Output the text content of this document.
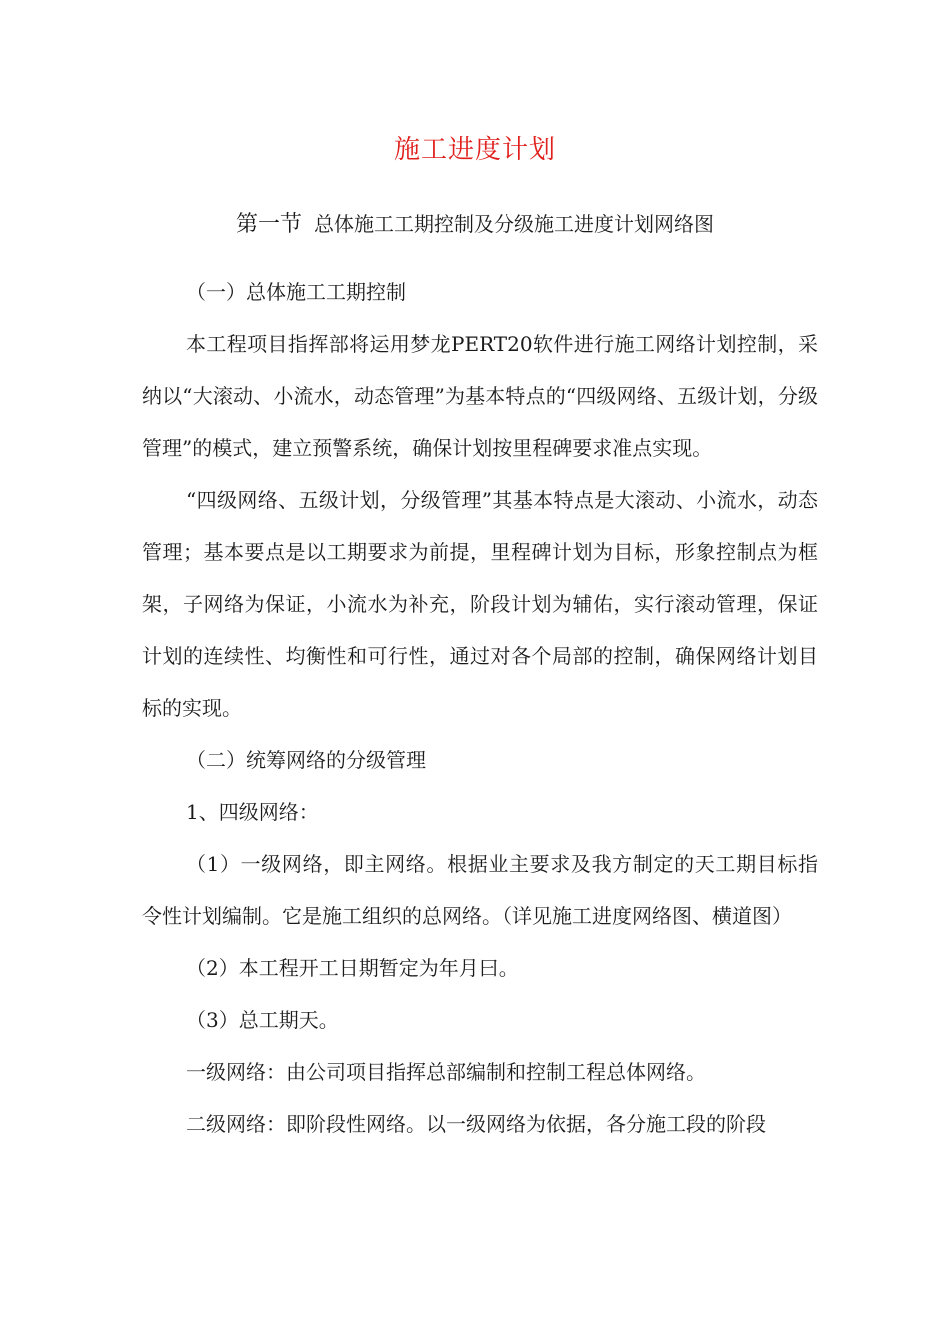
施工进度计划
第一节 总体施工工期控制及分级施工进度计划网络图

（一）总体施工工期控制

本工程项目指挥部将运用梦龙PERT20软件进行施工网络计划控制，采纳以“大滚动、小流水，动态管理”为基本特点的“四级网络、五级计划，分级管理”的模式，建立预警系统，确保计划按里程碑要求准点实现。

“四级网络、五级计划，分级管理”其基本特点是大滚动、小流水，动态管理；基本要点是以工期要求为前提，里程碑计划为目标，形象控制点为框架，子网络为保证，小流水为补充，阶段计划为辅佑，实行滚动管理，保证计划的连续性、均衡性和可行性，通过对各个局部的控制，确保网络计划目标的实现。

（二）统筹网络的分级管理

1、四级网络：

（1）一级网络，即主网络。根据业主要求及我方制定的天工期目标指令性计划编制。它是施工组织的总网络。（详见施工进度网络图、横道图）

（2）本工程开工日期暂定为年月曰。

（3）总工期天。

一级网络：由公司项目指挥总部编制和控制工程总体网络。

二级网络：即阶段性网络。以一级网络为依据，各分施工段的阶段
